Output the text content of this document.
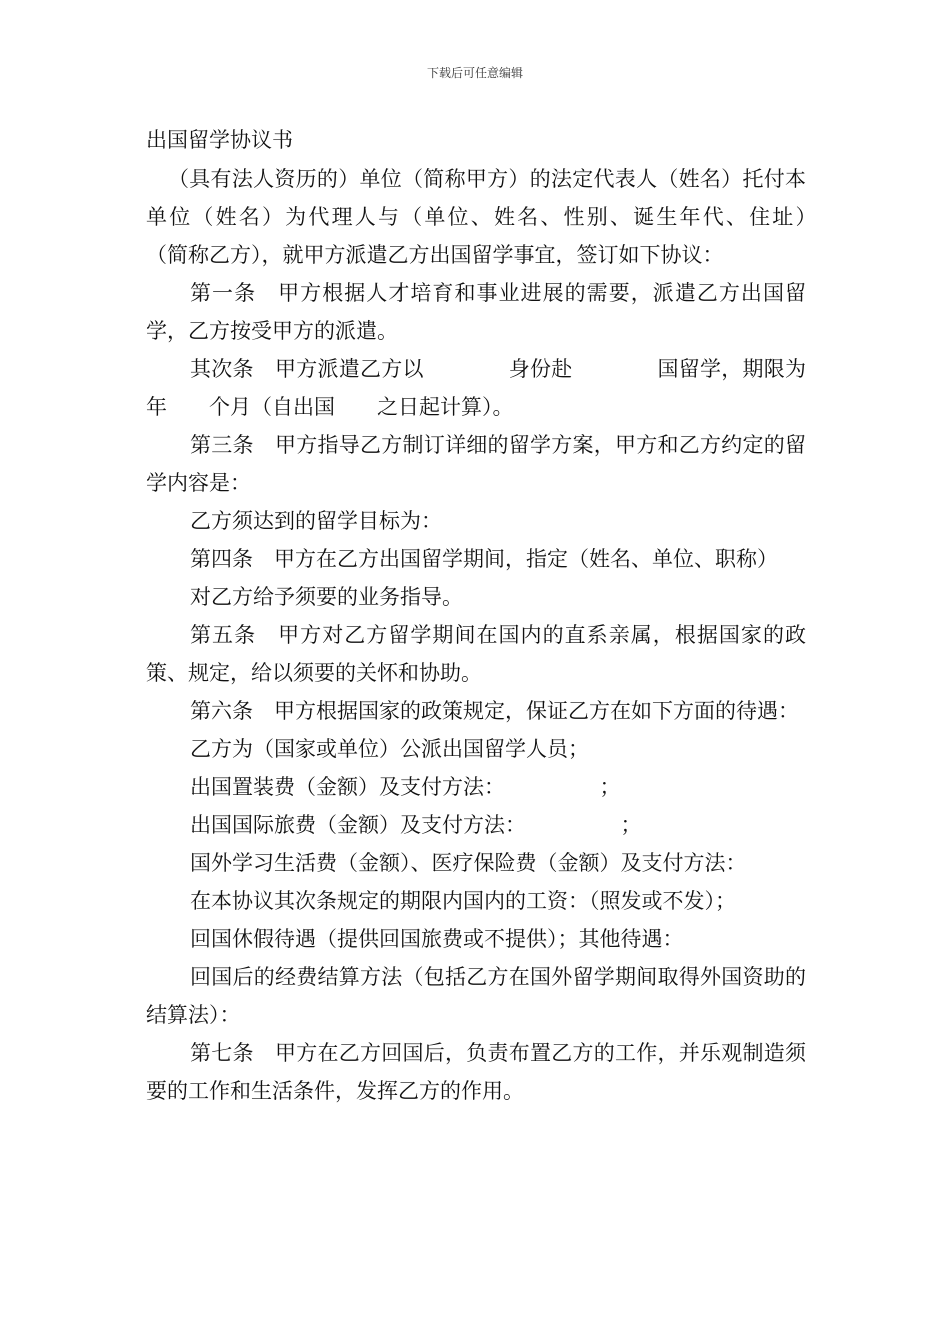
下载后可任意编辑
出国留学协议书

（具有法人资历的）单位（简称甲方）的法定代表人（姓名）托付本单位（姓名）为代理人与（单位、姓名、性别、诞生年代、住址）　　　　　（简称乙方），就甲方派遣乙方出国留学事宜，签订如下协议：

第一条　甲方根据人才培育和事业进展的需要，派遣乙方出国留学，乙方按受甲方的派遣。

其次条　甲方派遣乙方以　　　　身份赴　　　　国留学，期限为年　　个月（自出国　　之日起计算）。

第三条　甲方指导乙方制订详细的留学方案，甲方和乙方约定的留学内容是：

乙方须达到的留学目标为：

第四条　甲方在乙方出国留学期间，指定（姓名、单位、职称）

对乙方给予须要的业务指导。

第五条　甲方对乙方留学期间在国内的直系亲属，根据国家的政策、规定，给以须要的关怀和协助。

第六条　甲方根据国家的政策规定，保证乙方在如下方面的待遇：

乙方为（国家或单位）公派出国留学人员；

出国置装费（金额）及支付方法：　　　　　；

出国国际旅费（金额）及支付方法：　　　　　；

国外学习生活费（金额）、医疗保险费（金额）及支付方法：

在本协议其次条规定的期限内国内的工资：（照发或不发）；

回国休假待遇（提供回国旅费或不提供）；其他待遇：

回国后的经费结算方法（包括乙方在国外留学期间取得外国资助的结算法）：

第七条　甲方在乙方回国后，负责布置乙方的工作，并乐观制造须要的工作和生活条件，发挥乙方的作用。
